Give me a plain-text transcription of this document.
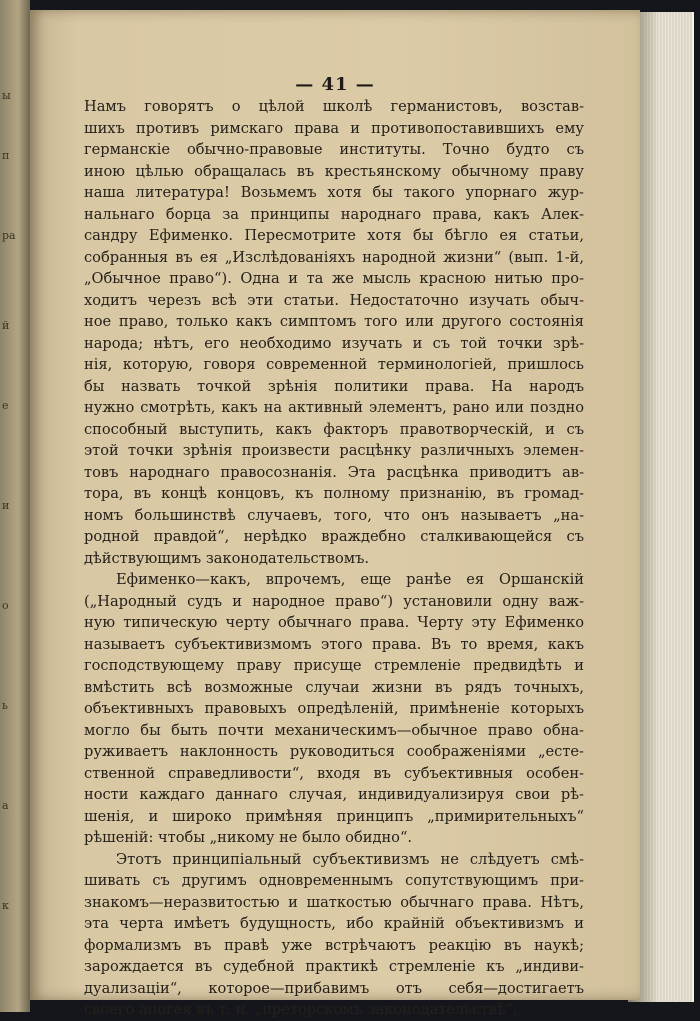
ы
п
ра
й
е
и
о
ь
а
к
— 41 —
Намъ говорятъ о цѣлой школѣ германистовъ, возстав-
шихъ противъ римскаго права и противопоставившихъ ему
германскіе обычно-правовые институты. Точно будто съ
иною цѣлью обращалась въ крестьянскому обычному праву
наша литература! Возьмемъ хотя бы такого упорнаго жур-
нальнаго борца за принципы народнаго права, какъ Алек-
сандру Ефименко. Пересмотрите хотя бы бѣгло ея статьи,
собранныя въ ея „Изслѣдованіяхъ народной жизни“ (вып. 1-й,
„Обычное право“). Одна и та же мысль красною нитью про-
ходитъ черезъ всѣ эти статьи. Недостаточно изучать обыч-
ное право, только какъ симптомъ того или другого состоянія
народа; нѣтъ, его необходимо изучать и съ той точки зрѣ-
нія, которую, говоря современной терминологіей, пришлось
бы назвать точкой зрѣнія политики права. На народъ
нужно смотрѣть, какъ на активный элементъ, рано или поздно
способный выступить, какъ факторъ правотворческій, и съ
этой точки зрѣнія произвести расцѣнку различныхъ элемен-
товъ народнаго правосознанія. Эта расцѣнка приводитъ ав-
тора, въ концѣ концовъ, къ полному признанію, въ громад-
номъ большинствѣ случаевъ, того, что онъ называетъ „на-
родной правдой“, нерѣдко враждебно сталкивающейся съ
дѣйствующимъ законодательствомъ.
Ефименко—какъ, впрочемъ, еще ранѣе ея Оршанскій
(„Народный судъ и народное право“) установили одну важ-
ную типическую черту обычнаго права. Черту эту Ефименко
называетъ субъективизмомъ этого права. Въ то время, какъ
господствующему праву присуще стремленіе предвидѣть и
вмѣстить всѣ возможные случаи жизни въ рядъ точныхъ,
объективныхъ правовыхъ опредѣленій, примѣненіе которыхъ
могло бы быть почти механическимъ—обычное право обна-
руживаетъ наклонность руководиться соображеніями „есте-
ственной справедливости“, входя въ субъективныя особен-
ности каждаго даннаго случая, индивидуализируя свои рѣ-
шенія, и широко примѣняя принципъ „примирительныхъ“
рѣшеній: чтобы „никому не было обидно“.
Этотъ принципіальный субъективизмъ не слѣдуетъ смѣ-
шивать съ другимъ одновременнымъ сопутствующимъ при-
знакомъ—неразвитостью и шаткостью обычнаго права. Нѣтъ,
эта черта имѣетъ будущность, ибо крайній объективизмъ и
формализмъ въ правѣ уже встрѣчаютъ реакцію въ наукѣ;
зарождается въ судебной практикѣ стремленіе къ „индиви-
дуализаціи“, которое—прибавимъ отъ себя—достигаетъ
своего апогея въ т. н. „преторскомъ законодательствѣ“,
